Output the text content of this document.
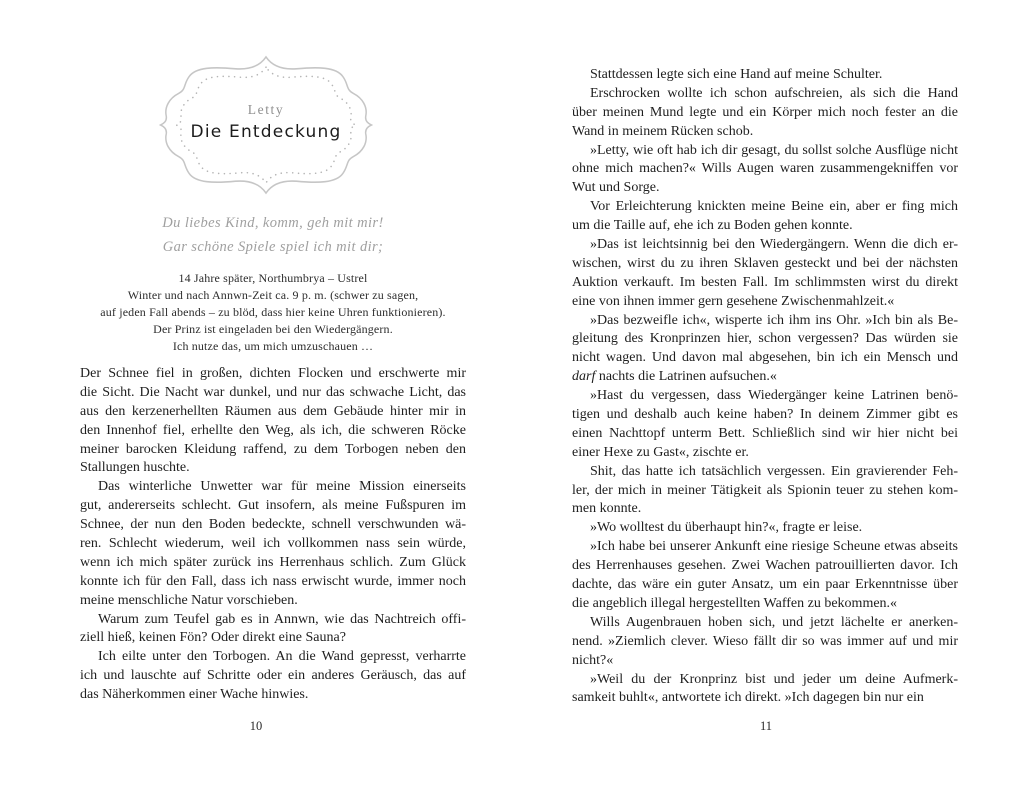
Letty
Die Entdeckung
Du liebes Kind, komm, geh mit mir!
Gar schöne Spiele spiel ich mit dir;
14 Jahre später, Northumbrya – Ustrel
Winter und nach Annwn-Zeit ca. 9 p. m. (schwer zu sagen,
auf jeden Fall abends – zu blöd, dass hier keine Uhren funktionieren).
Der Prinz ist eingeladen bei den Wiedergängern.
Ich nutze das, um mich umzuschauen …
Der Schnee fiel in großen, dichten Flocken und erschwerte mir
die Sicht. Die Nacht war dunkel, und nur das schwache Licht, das
aus den kerzenerhellten Räumen aus dem Gebäude hinter mir in
den Innenhof fiel, erhellte den Weg, als ich, die schweren Röcke
meiner barocken Kleidung raffend, zu dem Torbogen neben den
Stallungen huschte.
Das winterliche Unwetter war für meine Mission einerseits
gut, andererseits schlecht. Gut insofern, als meine Fußspuren im
Schnee, der nun den Boden bedeckte, schnell verschwunden wä-
ren. Schlecht wiederum, weil ich vollkommen nass sein würde,
wenn ich mich später zurück ins Herrenhaus schlich. Zum Glück
konnte ich für den Fall, dass ich nass erwischt wurde, immer noch
meine menschliche Natur vorschieben.
Warum zum Teufel gab es in Annwn, wie das Nachtreich offi-
ziell hieß, keinen Fön? Oder direkt eine Sauna?
Ich eilte unter den Torbogen. An die Wand gepresst, verharrte
ich und lauschte auf Schritte oder ein anderes Geräusch, das auf
das Näherkommen einer Wache hinwies.
10
Stattdessen legte sich eine Hand auf meine Schulter.
Erschrocken wollte ich schon aufschreien, als sich die Hand
über meinen Mund legte und ein Körper mich noch fester an die
Wand in meinem Rücken schob.
»Letty, wie oft hab ich dir gesagt, du sollst solche Ausflüge nicht
ohne mich machen?« Wills Augen waren zusammengekniffen vor
Wut und Sorge.
Vor Erleichterung knickten meine Beine ein, aber er fing mich
um die Taille auf, ehe ich zu Boden gehen konnte.
»Das ist leichtsinnig bei den Wiedergängern. Wenn die dich er-
wischen, wirst du zu ihren Sklaven gesteckt und bei der nächsten
Auktion verkauft. Im besten Fall. Im schlimmsten wirst du direkt
eine von ihnen immer gern gesehene Zwischenmahlzeit.«
»Das bezweifle ich«, wisperte ich ihm ins Ohr. »Ich bin als Be-
gleitung des Kronprinzen hier, schon vergessen? Das würden sie
nicht wagen. Und davon mal abgesehen, bin ich ein Mensch und
darf nachts die Latrinen aufsuchen.«
»Hast du vergessen, dass Wiedergänger keine Latrinen benö-
tigen und deshalb auch keine haben? In deinem Zimmer gibt es
einen Nachttopf unterm Bett. Schließlich sind wir hier nicht bei
einer Hexe zu Gast«, zischte er.
Shit, das hatte ich tatsächlich vergessen. Ein gravierender Feh-
ler, der mich in meiner Tätigkeit als Spionin teuer zu stehen kom-
men konnte.
»Wo wolltest du überhaupt hin?«, fragte er leise.
»Ich habe bei unserer Ankunft eine riesige Scheune etwas abseits
des Herrenhauses gesehen. Zwei Wachen patrouillierten davor. Ich
dachte, das wäre ein guter Ansatz, um ein paar Erkenntnisse über
die angeblich illegal hergestellten Waffen zu bekommen.«
Wills Augenbrauen hoben sich, und jetzt lächelte er anerken-
nend. »Ziemlich clever. Wieso fällt dir so was immer auf und mir
nicht?«
»Weil du der Kronprinz bist und jeder um deine Aufmerk-
samkeit buhlt«, antwortete ich direkt. »Ich dagegen bin nur ein
11
